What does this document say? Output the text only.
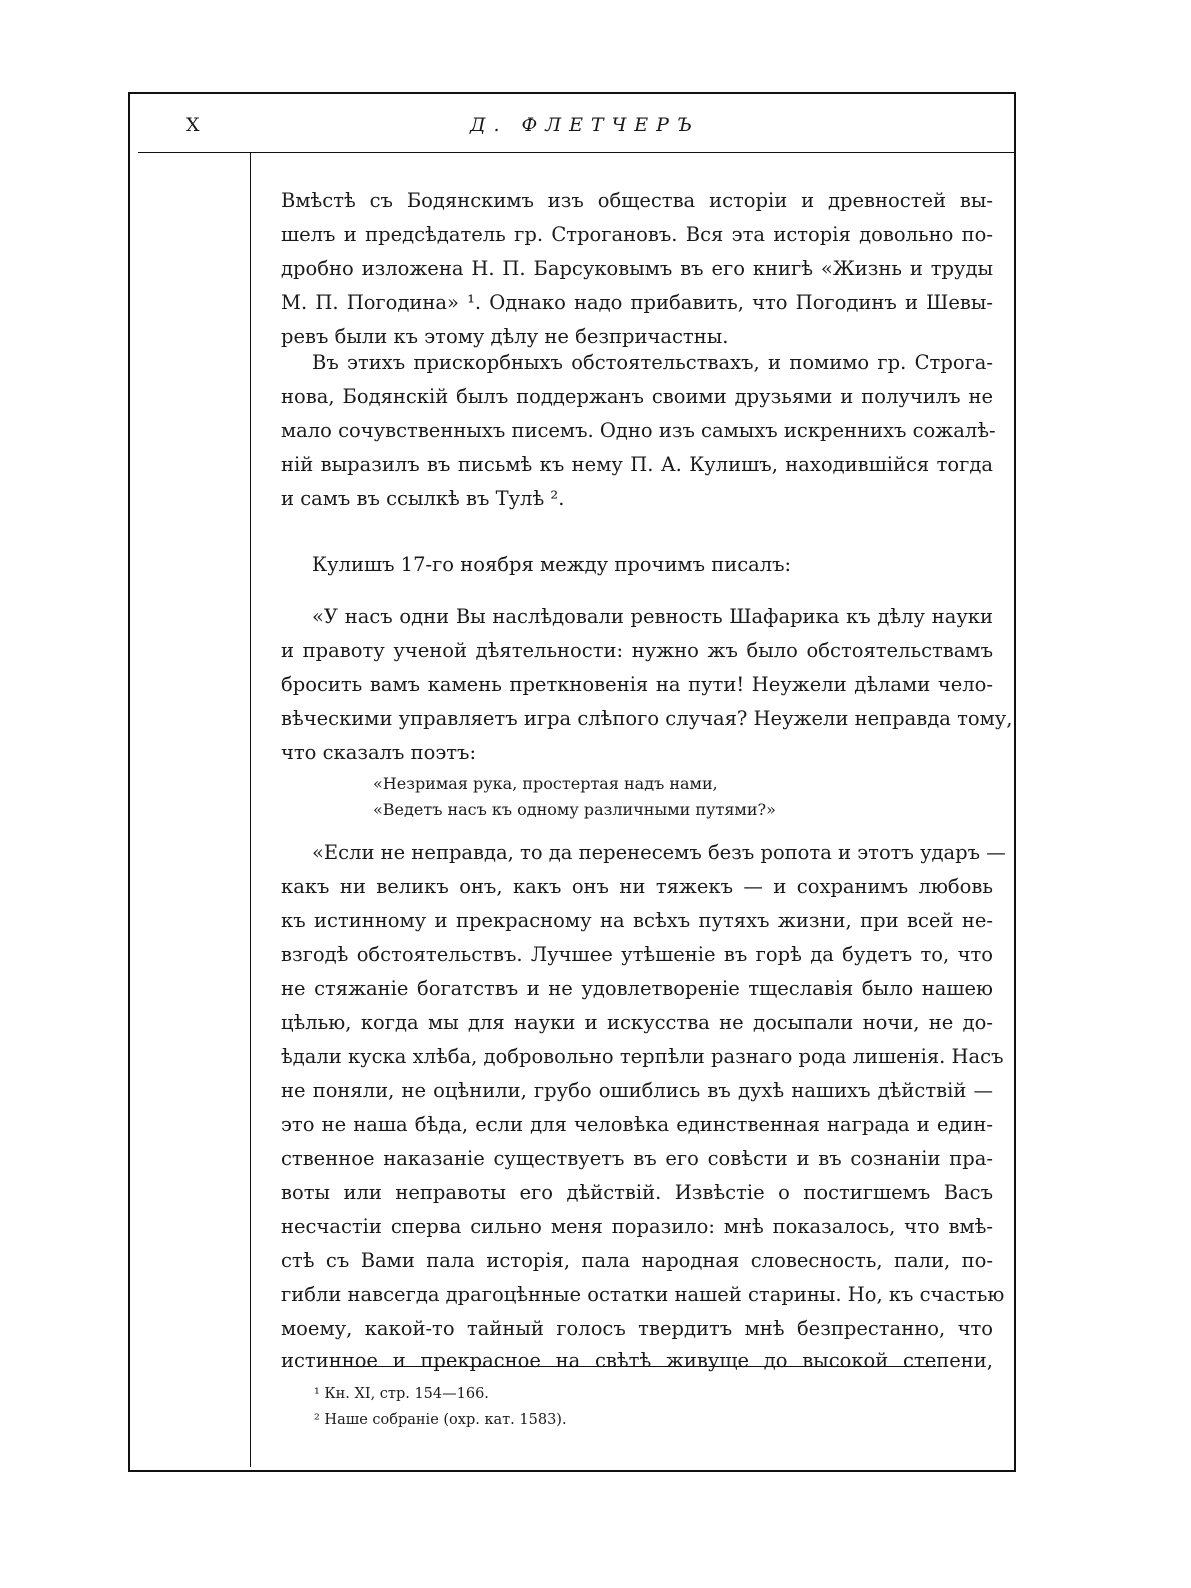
X	Д. ФЛЕТЧЕРЪ
Вмѣстѣ съ Бодянскимъ изъ общества исторіи и древностей вы-
шелъ и предсѣдатель гр. Строгановъ. Вся эта исторія довольно по-
дробно изложена Н. П. Барсуковымъ въ его книгѣ «Жизнь и труды
М. П. Погодина» ¹. Однако надо прибавить, что Погодинъ и Шевы-
ревъ были къ этому дѣлу не безпричастны.
Въ этихъ прискорбныхъ обстоятельствахъ, и помимо гр. Строга-
нова, Бодянскій былъ поддержанъ своими друзьями и получилъ не
мало сочувственныхъ писемъ. Одно изъ самыхъ искреннихъ сожалѣ-
ній выразилъ въ письмѣ къ нему П. А. Кулишъ, находившійся тогда
и самъ въ ссылкѣ въ Тулѣ ².
Кулишъ 17-го ноября между прочимъ писалъ:
«У насъ одни Вы наслѣдовали ревность Шафарика къ дѣлу науки
и правоту ученой дѣятельности: нужно жъ было обстоятельствамъ
бросить вамъ камень преткновенія на пути! Неужели дѣлами чело-
вѣческими управляетъ игра слѣпого случая? Неужели неправда тому,
что сказалъ поэтъ:
«Незримая рука, простертая надъ нами,
«Ведетъ насъ къ одному различными путями?»
«Если не неправда, то да перенесемъ безъ ропота и этотъ ударъ —
какъ ни великъ онъ, какъ онъ ни тяжекъ — и сохранимъ любовь
къ истинному и прекрасному на всѣхъ путяхъ жизни, при всей не-
взгодѣ обстоятельствъ. Лучшее утѣшеніе въ горѣ да будетъ то, что
не стяжаніе богатствъ и не удовлетвореніе тщеславія было нашею
цѣлью, когда мы для науки и искусства не досыпали ночи, не до-
ѣдали куска хлѣба, добровольно терпѣли разнаго рода лишенія. Насъ
не поняли, не оцѣнили, грубо ошиблись въ духѣ нашихъ дѣйствій —
это не наша бѣда, если для человѣка единственная награда и един-
ственное наказаніе существуетъ въ его совѣсти и въ сознаніи пра-
воты или неправоты его дѣйствій. Извѣстіе о постигшемъ Васъ
несчастіи сперва сильно меня поразило: мнѣ показалось, что вмѣ-
стѣ съ Вами пала исторія, пала народная словесность, пали, по-
гибли навсегда драгоцѣнные остатки нашей старины. Но, къ счастью
моему, какой-то тайный голосъ твердитъ мнѣ безпрестанно, что
истинное и прекрасное на свѣтѣ живуще до высокой степени,
¹ Кн. XI, стр. 154—166.
² Наше собраніе (охр. кат. 1583).
